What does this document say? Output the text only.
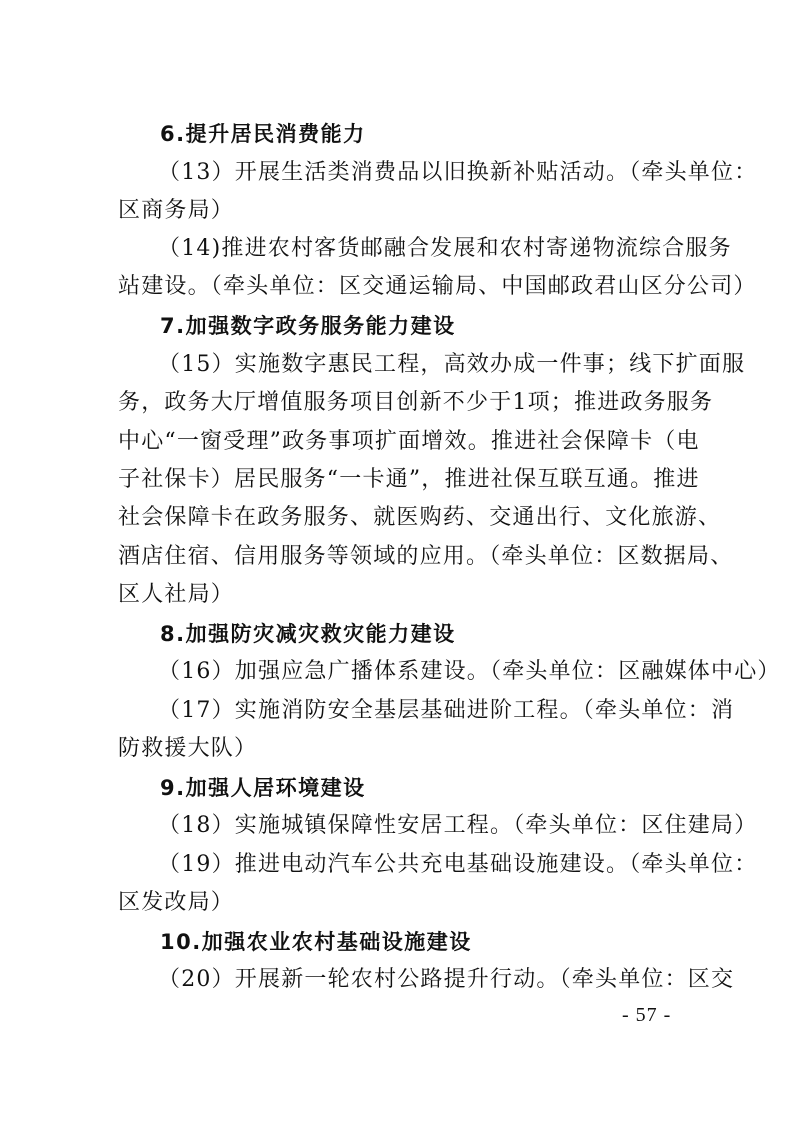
6.提升居民消费能力
（13）开展生活类消费品以旧换新补贴活动。（牵头单位：
区商务局）
（14)推进农村客货邮融合发展和农村寄递物流综合服务
站建设。（牵头单位：区交通运输局、中国邮政君山区分公司）
7.加强数字政务服务能力建设
（15）实施数字惠民工程，高效办成一件事；线下扩面服
务，政务大厅增值服务项目创新不少于1项；推进政务服务
中心“一窗受理”政务事项扩面增效。推进社会保障卡（电
子社保卡）居民服务“一卡通”，推进社保互联互通。推进
社会保障卡在政务服务、就医购药、交通出行、文化旅游、
酒店住宿、信用服务等领域的应用。（牵头单位：区数据局、
区人社局）
8.加强防灾减灾救灾能力建设
（16）加强应急广播体系建设。（牵头单位：区融媒体中心）
（17）实施消防安全基层基础进阶工程。（牵头单位：消
防救援大队）
9.加强人居环境建设
（18）实施城镇保障性安居工程。（牵头单位：区住建局）
（19）推进电动汽车公共充电基础设施建设。（牵头单位：
区发改局）
10.加强农业农村基础设施建设
（20）开展新一轮农村公路提升行动。（牵头单位：区交
- 57 -
